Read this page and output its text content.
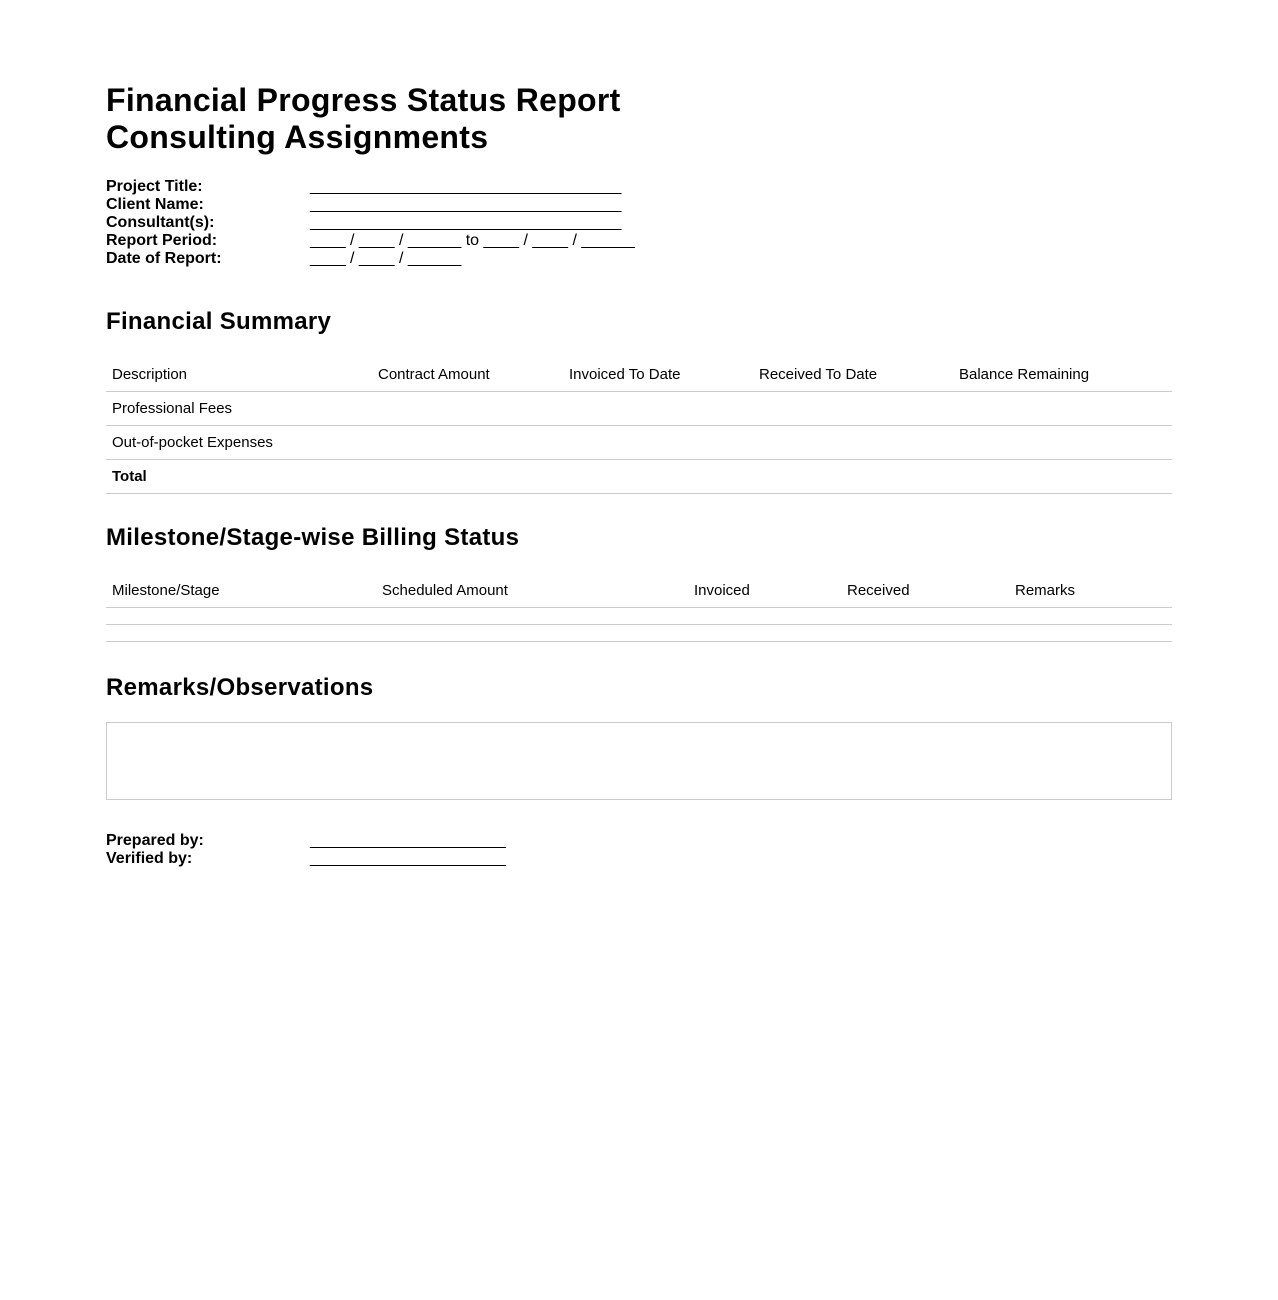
Financial Progress Status Report
Consulting Assignments
Project Title:	___________________________________
Client Name:	___________________________________
Consultant(s):	___________________________________
Report Period:	____ / ____ / ______ to ____ / ____ / ______
Date of Report:	____ / ____ / ______
Financial Summary
Description	Contract Amount	Invoiced To Date	Received To Date	Balance Remaining
Professional Fees				
Out-of-pocket Expenses				
Total				
Milestone/Stage-wise Billing Status
Milestone/Stage	Scheduled Amount	Invoiced	Received	Remarks

Remarks/Observations
Prepared by:	______________________
Verified by:	______________________
